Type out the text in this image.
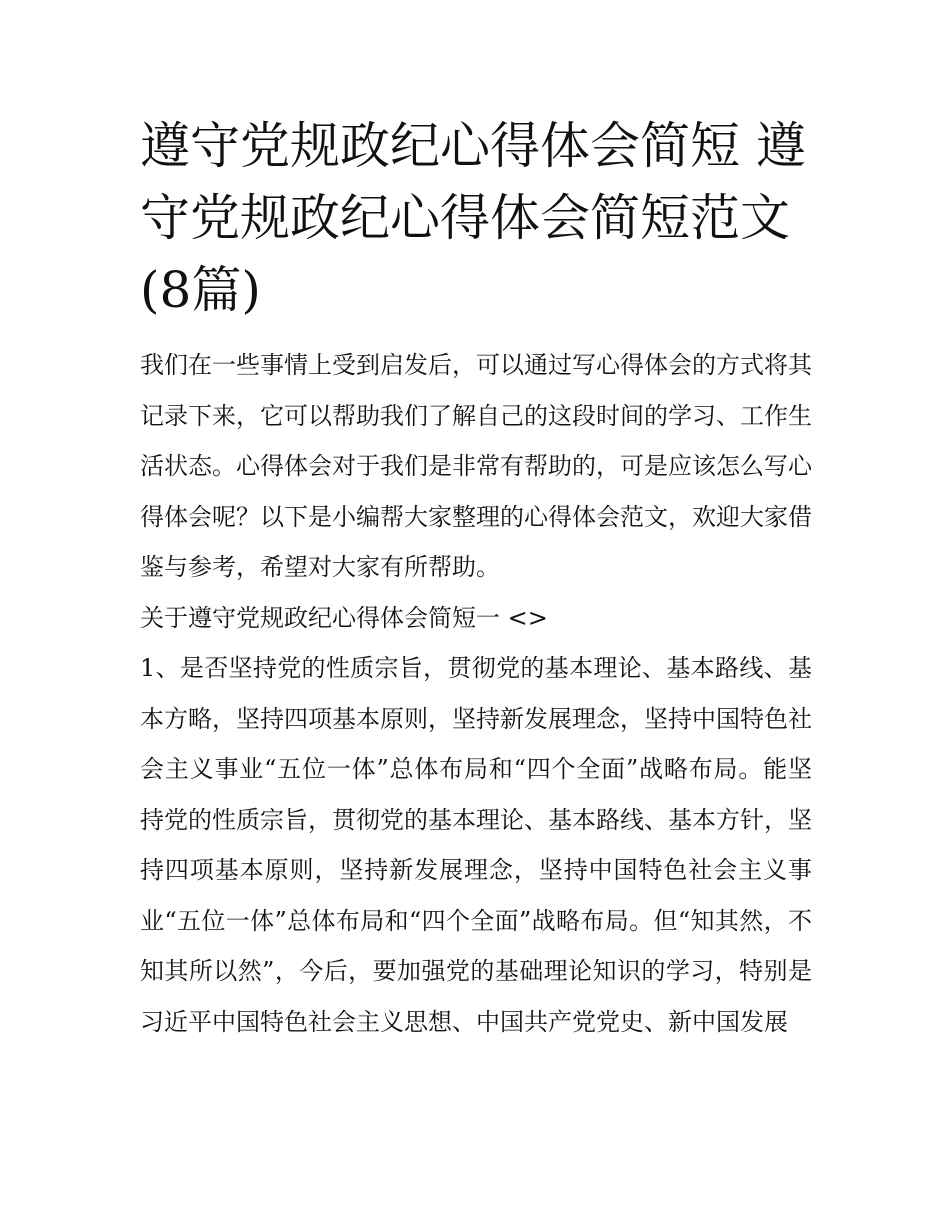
遵守党规政纪心得体会简短 遵守党规政纪心得体会简短范文(8篇)

我们在一些事情上受到启发后，可以通过写心得体会的方式将其记录下来，它可以帮助我们了解自己的这段时间的学习、工作生活状态。心得体会对于我们是非常有帮助的，可是应该怎么写心得体会呢？以下是小编帮大家整理的心得体会范文，欢迎大家借鉴与参考，希望对大家有所帮助。

关于遵守党规政纪心得体会简短一 <>

1、是否坚持党的性质宗旨，贯彻党的基本理论、基本路线、基本方略，坚持四项基本原则，坚持新发展理念，坚持中国特色社会主义事业“五位一体”总体布局和“四个全面”战略布局。能坚持党的性质宗旨，贯彻党的基本理论、基本路线、基本方针，坚持四项基本原则，坚持新发展理念，坚持中国特色社会主义事业“五位一体”总体布局和“四个全面”战略布局。但“知其然，不知其所以然”，今后，要加强党的基础理论知识的学习，特别是习近平中国特色社会主义思想、中国共产党党史、新中国发展
